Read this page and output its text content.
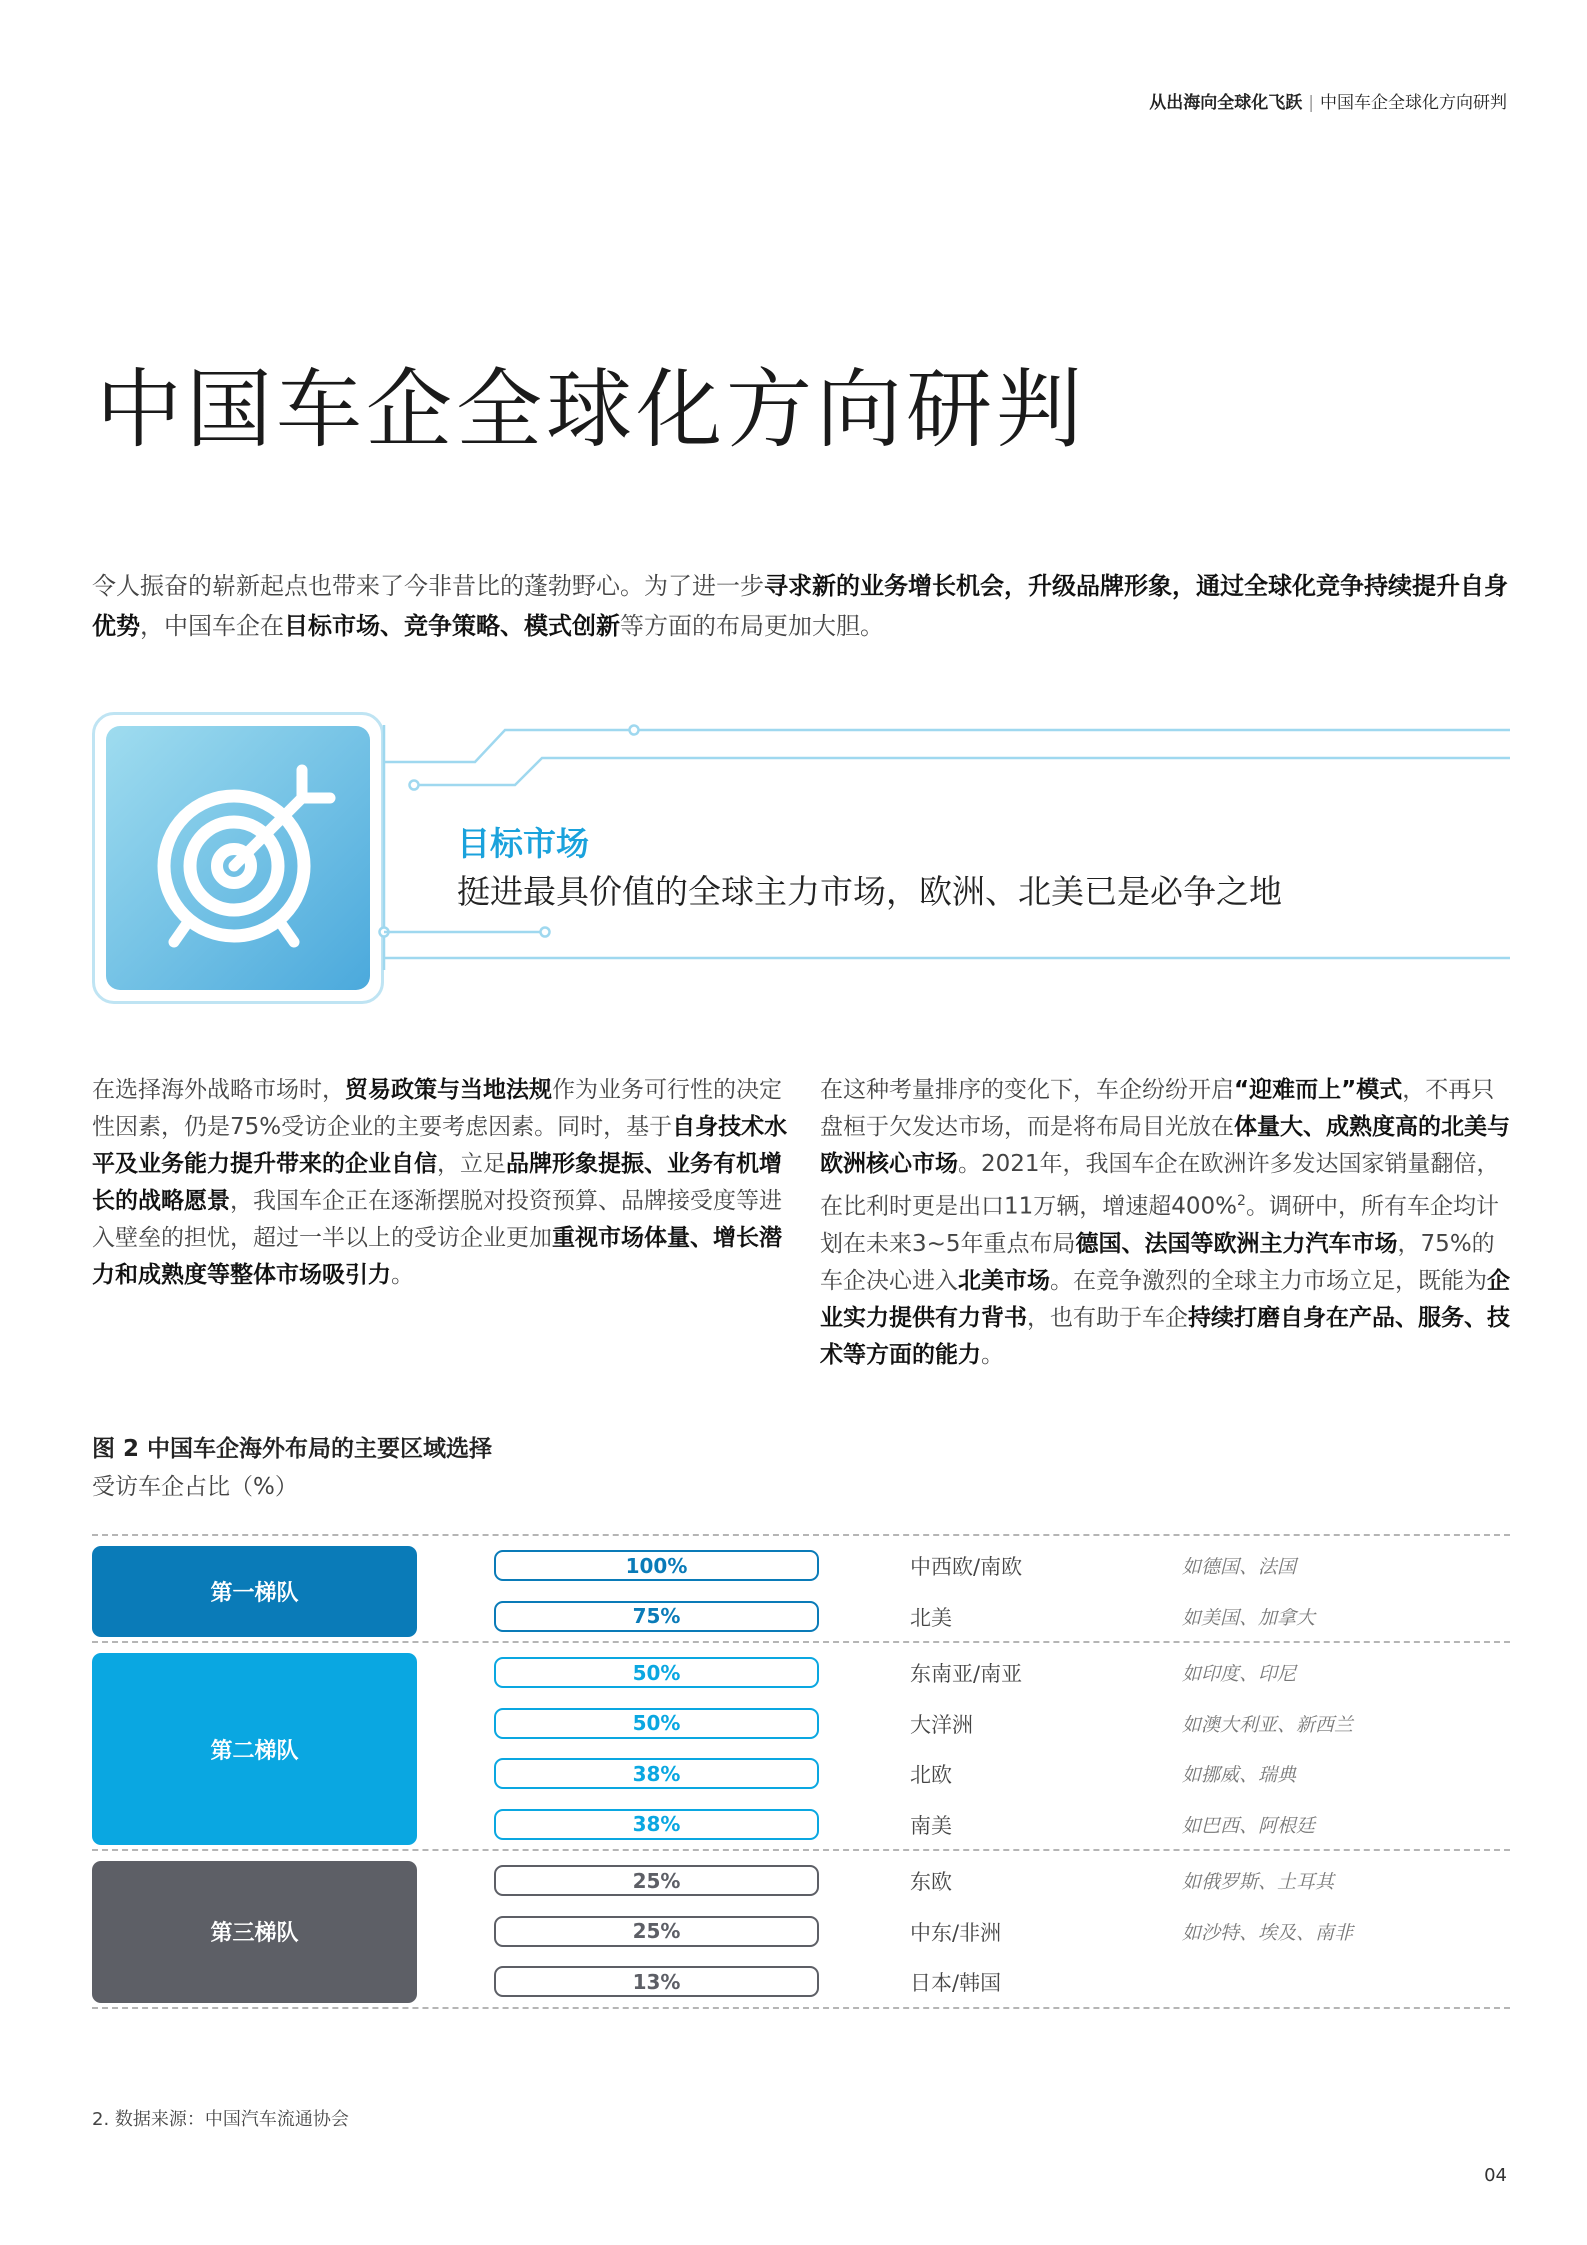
从出海向全球化飞跃 | 中国车企全球化方向研判
中国车企全球化方向研判
令人振奋的崭新起点也带来了今非昔比的蓬勃野心。为了进一步寻求新的业务增长机会，升级品牌形象，通过全球化竞争持续提升自身优势，中国车企在目标市场、竞争策略、模式创新等方面的布局更加大胆。
目标市场
挺进最具价值的全球主力市场，欧洲、北美已是必争之地
在选择海外战略市场时，贸易政策与当地法规作为业务可行性的决定性因素，仍是75%受访企业的主要考虑因素。同时，基于自身技术水平及业务能力提升带来的企业自信，立足品牌形象提振、业务有机增长的战略愿景，我国车企正在逐渐摆脱对投资预算、品牌接受度等进入壁垒的担忧，超过一半以上的受访企业更加重视市场体量、增长潜力和成熟度等整体市场吸引力。
在这种考量排序的变化下，车企纷纷开启“迎难而上”模式，不再只盘桓于欠发达市场，而是将布局目光放在体量大、成熟度高的北美与欧洲核心市场。2021年，我国车企在欧洲许多发达国家销量翻倍，在比利时更是出口11万辆，增速超400%$^2$。调研中，所有车企均计划在未来3~5年重点布局德国、法国等欧洲主力汽车市场，75%的车企决心进入北美市场。在竞争激烈的全球主力市场立足，既能为企业实力提供有力背书，也有助于车企持续打磨自身在产品、服务、技术等方面的能力。
图 2 中国车企海外布局的主要区域选择
受访车企占比（%）
第一梯队
100%	中西欧/南欧	如德国、法国
75%	北美	如美国、加拿大
第二梯队
50%	东南亚/南亚	如印度、印尼
50%	大洋洲	如澳大利亚、新西兰
38%	北欧	如挪威、瑞典
38%	南美	如巴西、阿根廷
第三梯队
25%	东欧	如俄罗斯、土耳其
25%	中东/非洲	如沙特、埃及、南非
13%	日本/韩国
2. 数据来源：中国汽车流通协会
04
